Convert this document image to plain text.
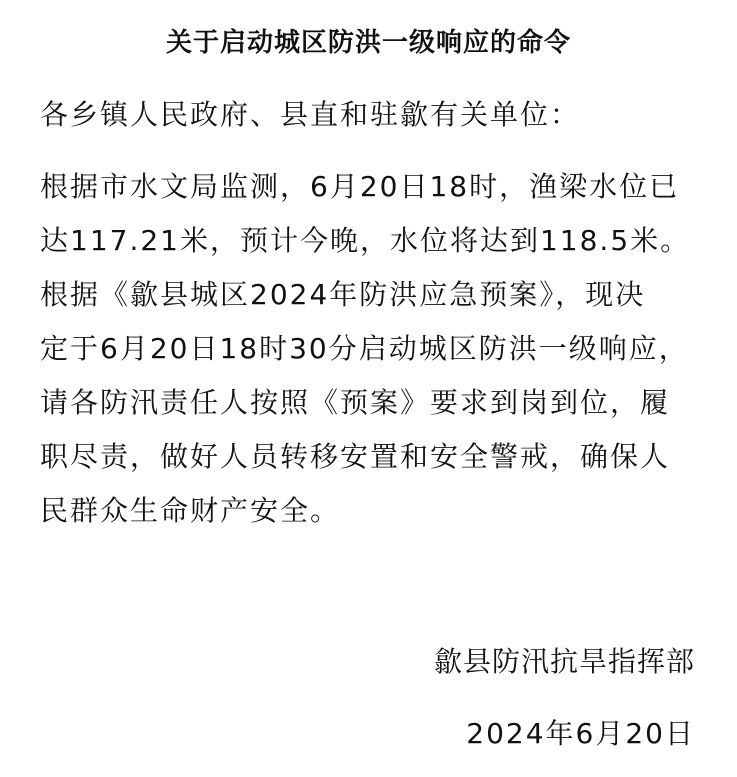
关于启动城区防洪一级响应的命令
各乡镇人民政府、县直和驻歙有关单位：
根据市水文局监测，6月20日18时，渔梁水位已
达117.21米，预计今晚，水位将达到118.5米。
根据《歙县城区2024年防洪应急预案》，现决
定于6月20日18时30分启动城区防洪一级响应，
请各防汛责任人按照《预案》要求到岗到位，履
职尽责，做好人员转移安置和安全警戒，确保人
民群众生命财产安全。
歙县防汛抗旱指挥部
2024年6月20日
